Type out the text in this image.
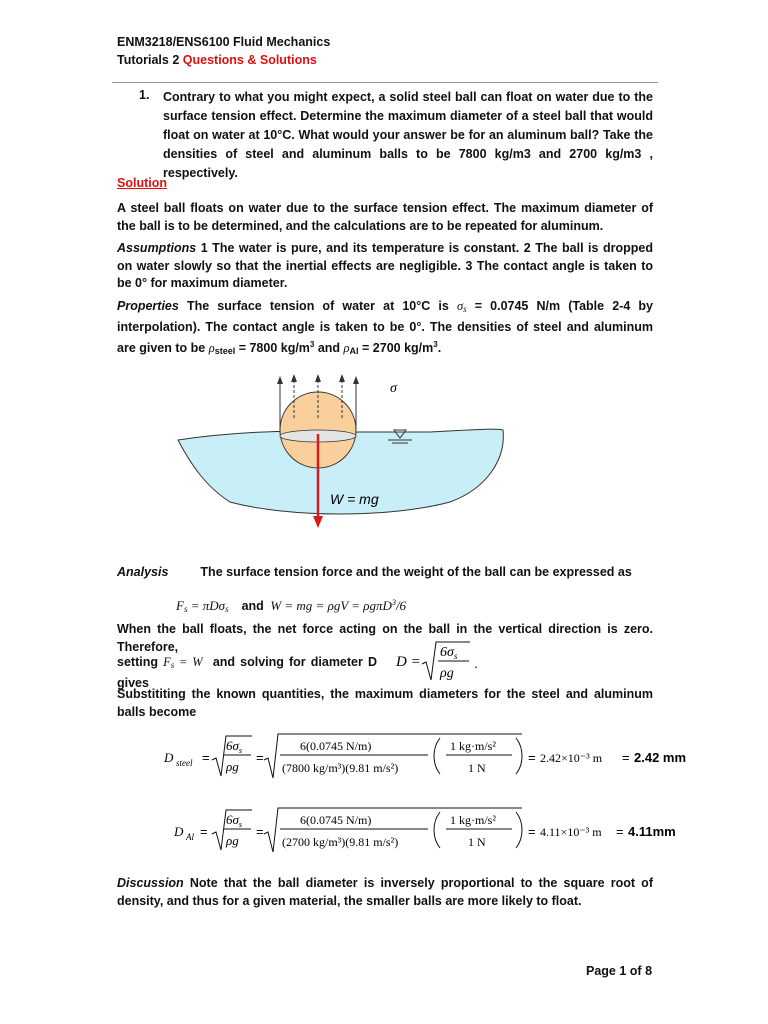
ENM3218/ENS6100 Fluid Mechanics
Tutorials 2 Questions & Solutions
1. Contrary to what you might expect, a solid steel ball can float on water due to the surface tension effect. Determine the maximum diameter of a steel ball that would float on water at 10°C. What would your answer be for an aluminum ball? Take the densities of steel and aluminum balls to be 7800 kg/m3 and 2700 kg/m3 , respectively.
Solution
A steel ball floats on water due to the surface tension effect. The maximum diameter of the ball is to be determined, and the calculations are to be repeated for aluminum.
Assumptions 1 The water is pure, and its temperature is constant. 2 The ball is dropped on water slowly so that the inertial effects are negligible. 3 The contact angle is taken to be 0° for maximum diameter.
Properties The surface tension of water at 10°C is $\sigma_s = 0.0745$ N/m (Table 2-4 by interpolation). The contact angle is taken to be 0°. The densities of steel and aluminum are given to be $\rho_{steel} = 7800$ $kg/m^3$ and $\rho_{Al} = 2700$ $kg/m^3$.
σ
W = mg
Analysis	The surface tension force and the weight of the ball can be expressed as
$F_s = \pi D\sigma_s$ and  W = mg = ρgV = ρgπD$^3$/6
When the ball floats, the net force acting on the ball in the vertical direction is zero. Therefore,
setting $F_s = W$ and solving for diameter D gives
D =
$6\sigma_s$
ρg
.
Substititing the known quantities, the maximum diameters for the steel and aluminum balls become
D steel =
$6\sigma_s$
ρg
=
6(0.0745 N/m)
(7800 kg/m³)(9.81 m/s²)
1 kg·m/s²
1 N
= 2.42×10⁻³ m = 2.42 mm
D Al =
$6\sigma_s$
ρg
=
6(0.0745 N/m)
(2700 kg/m³)(9.81 m/s²)
1 kg·m/s²
1 N
= 4.11×10⁻³ m = 4.11mm
Discussion Note that the ball diameter is inversely proportional to the square root of density, and thus for a given material, the smaller balls are more likely to float.
Page 1 of 8
